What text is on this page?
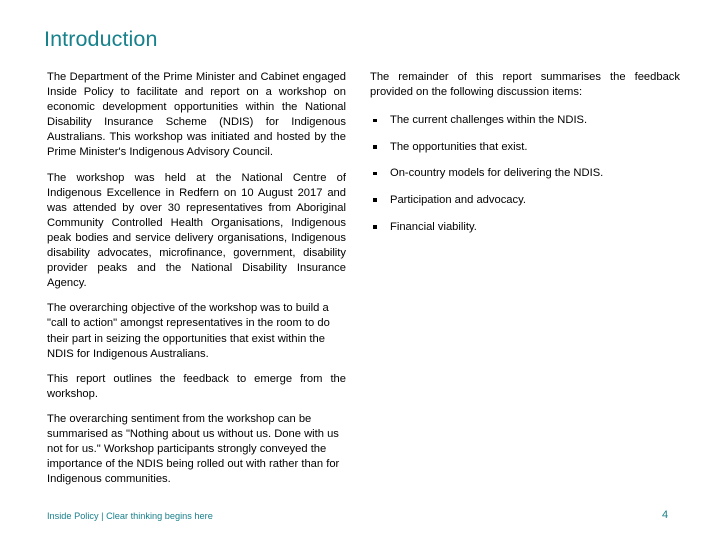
Introduction

The Department of the Prime Minister and Cabinet engaged Inside Policy to facilitate and report on a workshop on economic development opportunities within the National Disability Insurance Scheme (NDIS) for Indigenous Australians. This workshop was initiated and hosted by the Prime Minister's Indigenous Advisory Council.

The workshop was held at the National Centre of Indigenous Excellence in Redfern on 10 August 2017 and was attended by over 30 representatives from Aboriginal Community Controlled Health Organisations, Indigenous peak bodies and service delivery organisations, Indigenous disability advocates, microfinance, government, disability provider peaks and the National Disability Insurance Agency.

The overarching objective of the workshop was to build a "call to action" amongst representatives in the room to do their part in seizing the opportunities that exist within the NDIS for Indigenous Australians.

This report outlines the feedback to emerge from the workshop.

The overarching sentiment from the workshop can be summarised as "Nothing about us without us. Done with us not for us." Workshop participants strongly conveyed the importance of the NDIS being rolled out with rather than for Indigenous communities.

The remainder of this report summarises the feedback provided on the following discussion items:

The current challenges within the NDIS.
The opportunities that exist.
On-country models for delivering the NDIS.
Participation and advocacy.
Financial viability.
Inside Policy | Clear thinking begins here	4
